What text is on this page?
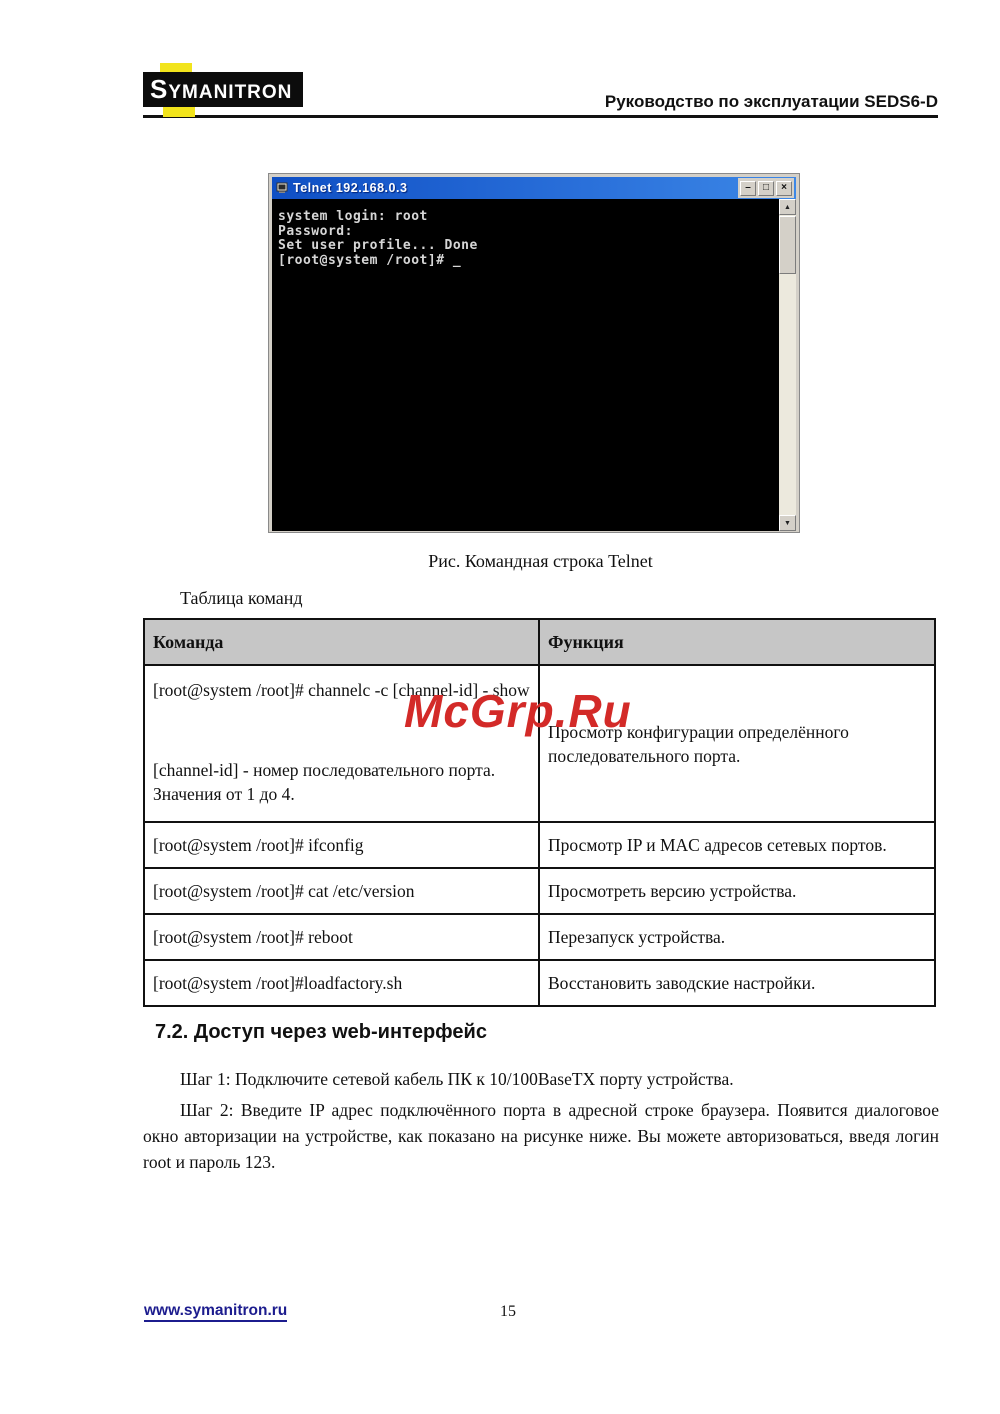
SYMANITRON	Руководство по эксплуатации SEDS6-D
Telnet 192.168.0.3	–	□	×
system login: root
Password:
Set user profile... Done
[root@system /root]# _
▲
▼
Рис. Командная строка Telnet
Таблица команд
Команда	Функция

[root@system /root]# channelc -c [channel-id] - show
[channel-id] - номер последовательного порта. Значения от 1 до 4.	Просмотр конфигурации определённого последовательного порта.
[root@system /root]# ifconfig	Просмотр IP и MAC адресов сетевых портов.
[root@system /root]# cat /etc/version	Просмотреть версию устройства.
[root@system /root]# reboot	Перезапуск устройства.
[root@system /root]#loadfactory.sh	Восстановить заводские настройки.
McGrp.Ru
7.2. Доступ через web-интерфейс
Шаг 1: Подключите сетевой кабель ПК к 10/100BaseTX порту устройства.
Шаг 2: Введите IP адрес подключённого порта в адресной строке браузера. Появится диалоговое окно авторизации на устройстве, как показано на рисунке ниже. Вы можете авторизоваться, введя логин root и пароль 123.
www.symanitron.ru	15
